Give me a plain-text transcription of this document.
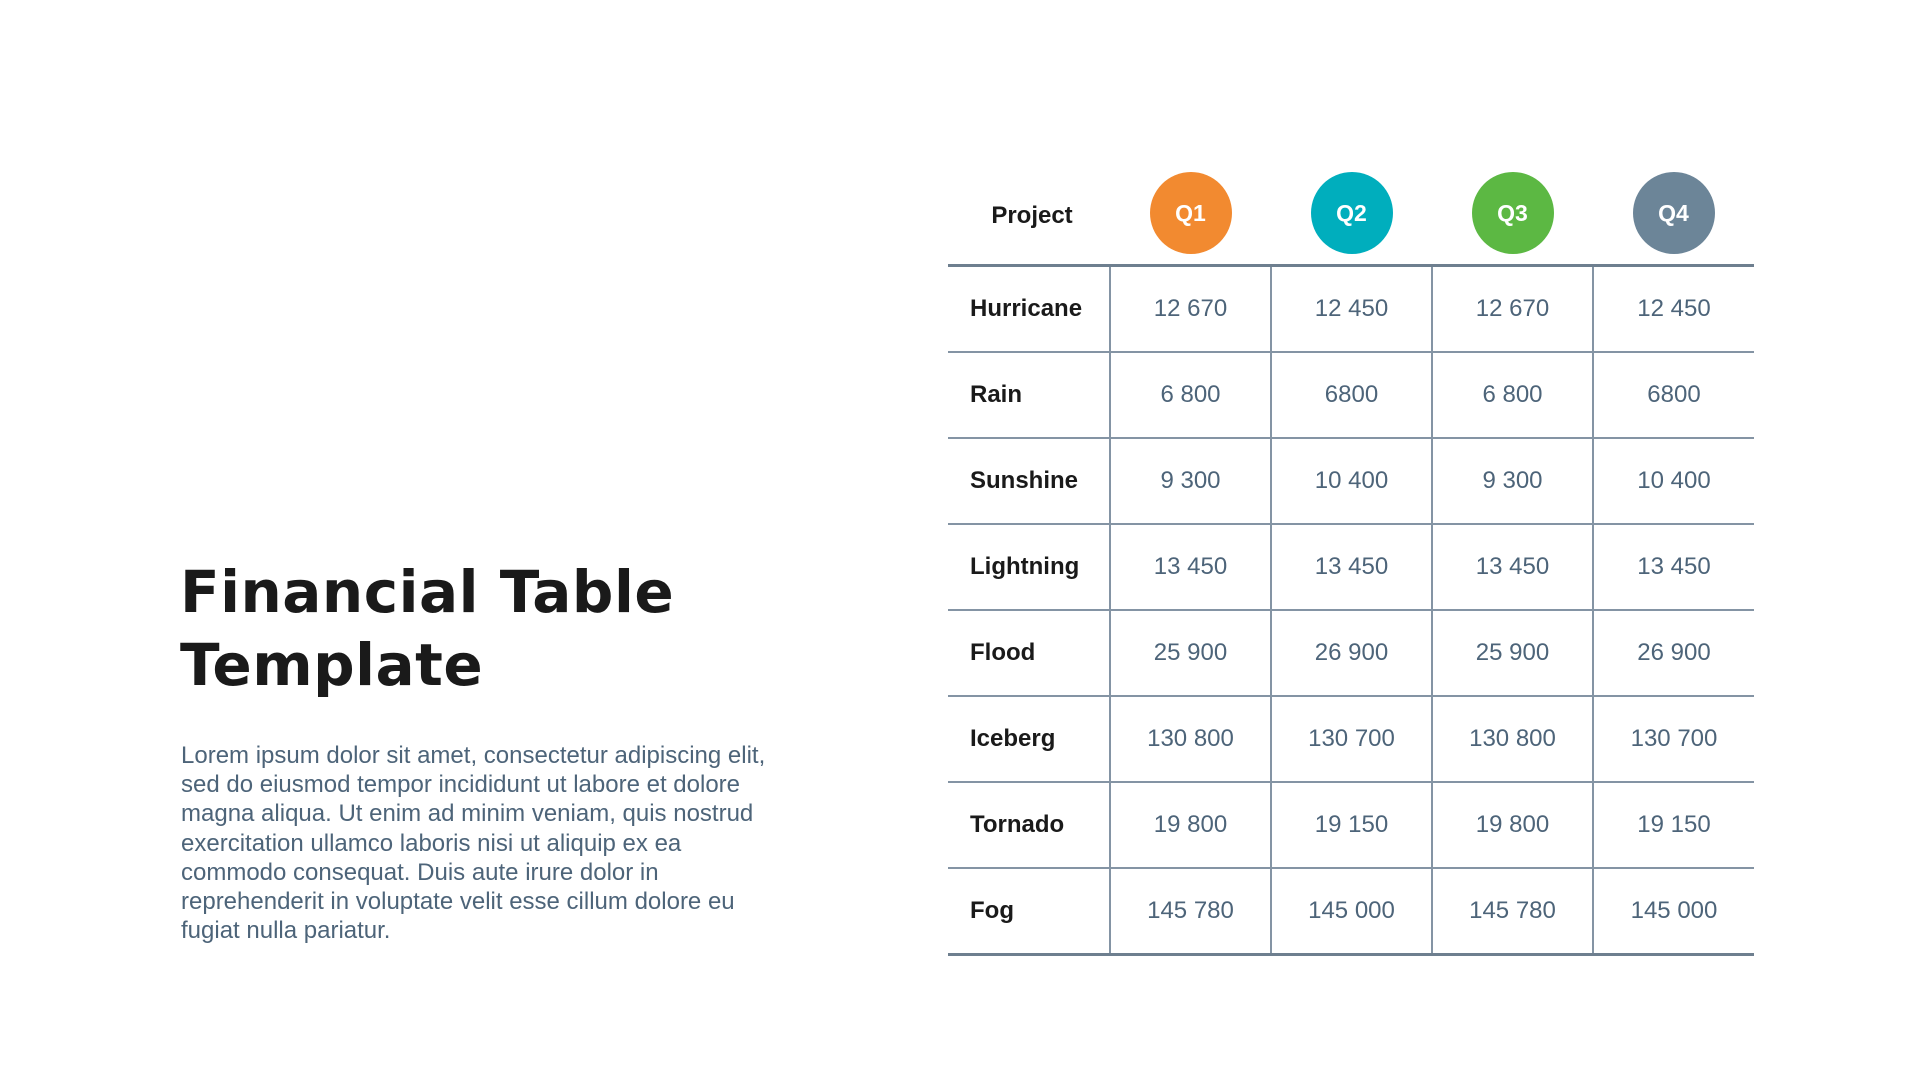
Financial Table
Template

Lorem ipsum dolor sit amet, consectetur adipiscing elit, sed do eiusmod tempor incididunt ut labore et dolore magna aliqua. Ut enim ad minim veniam, quis nostrud exercitation ullamco laboris nisi ut aliquip ex ea commodo consequat. Duis aute irure dolor in reprehenderit in voluptate velit esse cillum dolore eu fugiat nulla pariatur.

Project	Q1	Q2	Q3	Q4
Hurricane	12 670	12 450	12 670	12 450
Rain	6 800	6800	6 800	6800
Sunshine	9 300	10 400	9 300	10 400
Lightning	13 450	13 450	13 450	13 450
Flood	25 900	26 900	25 900	26 900
Iceberg	130 800	130 700	130 800	130 700
Tornado	19 800	19 150	19 800	19 150
Fog	145 780	145 000	145 780	145 000
